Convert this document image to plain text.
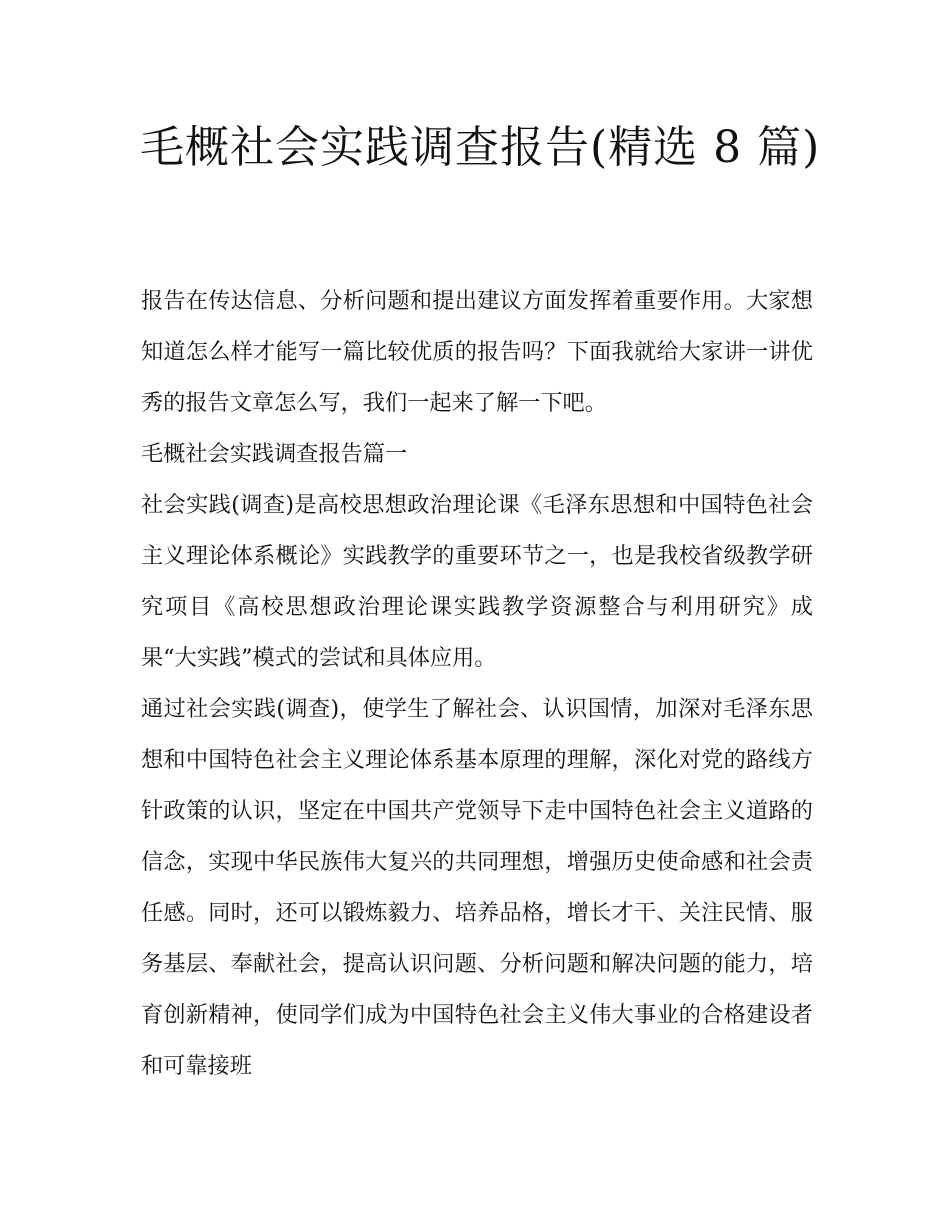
毛概社会实践调查报告(精选 8 篇)

报告在传达信息、分析问题和提出建议方面发挥着重要作用。大家想知道怎么样才能写一篇比较优质的报告吗？下面我就给大家讲一讲优秀的报告文章怎么写，我们一起来了解一下吧。

毛概社会实践调查报告篇一

社会实践(调查)是高校思想政治理论课《毛泽东思想和中国特色社会主义理论体系概论》实践教学的重要环节之一，也是我校省级教学研究项目《高校思想政治理论课实践教学资源整合与利用研究》成果“大实践”模式的尝试和具体应用。

通过社会实践(调查)，使学生了解社会、认识国情，加深对毛泽东思想和中国特色社会主义理论体系基本原理的理解，深化对党的路线方针政策的认识，坚定在中国共产党领导下走中国特色社会主义道路的信念，实现中华民族伟大复兴的共同理想，增强历史使命感和社会责任感。同时，还可以锻炼毅力、培养品格，增长才干、关注民情、服务基层、奉献社会，提高认识问题、分析问题和解决问题的能力，培育创新精神，使同学们成为中国特色社会主义伟大事业的合格建设者和可靠接班
